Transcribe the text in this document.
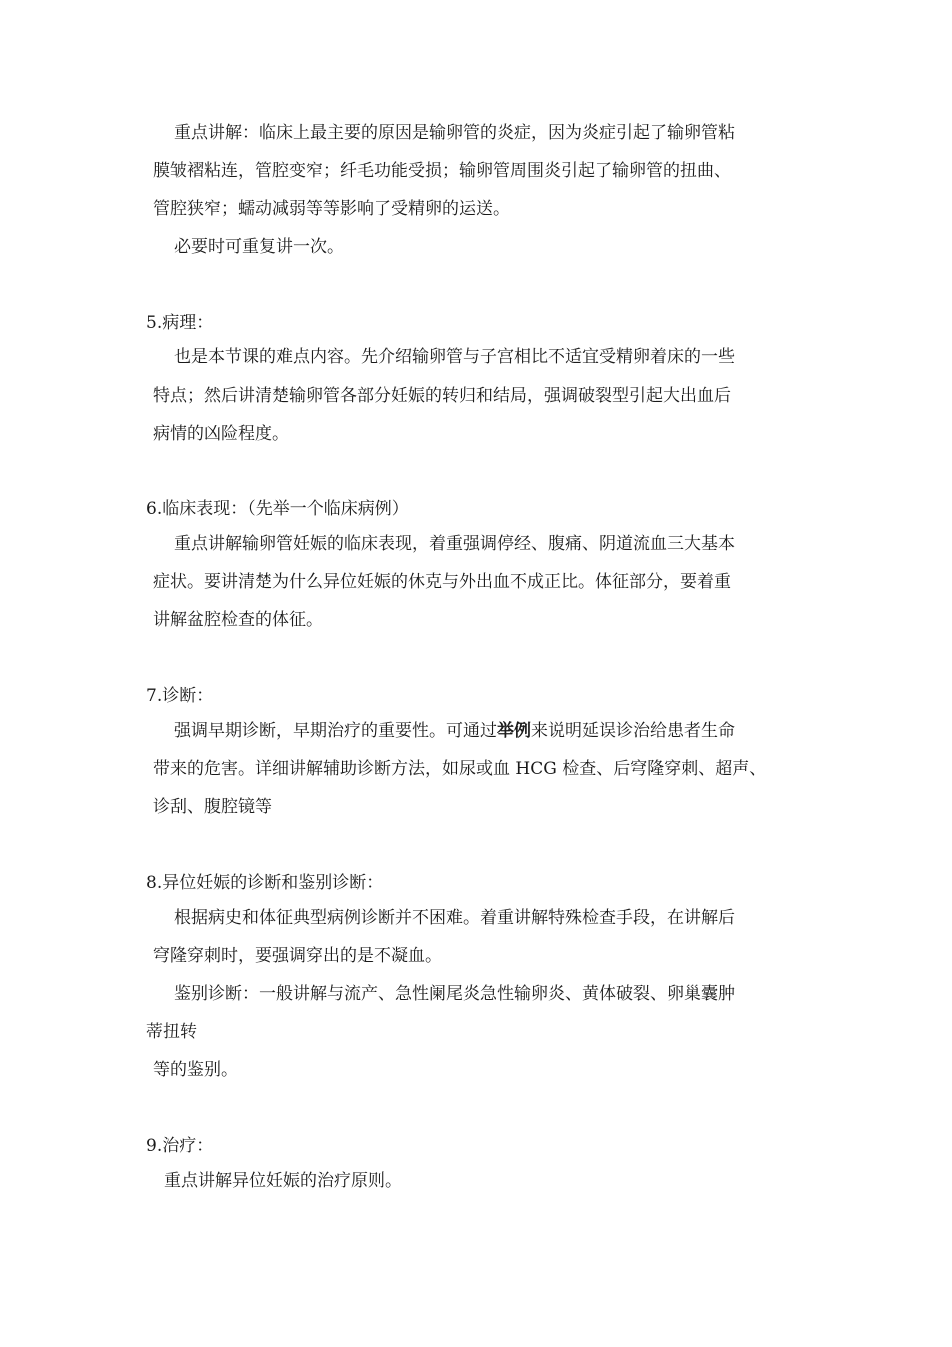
重点讲解：临床上最主要的原因是输卵管的炎症，因为炎症引起了输卵管粘
膜皱褶粘连，管腔变窄；纤毛功能受损；输卵管周围炎引起了输卵管的扭曲、
管腔狭窄；蠕动减弱等等影响了受精卵的运送。
必要时可重复讲一次。
5.病理：
也是本节课的难点内容。先介绍输卵管与子宫相比不适宜受精卵着床的一些
特点；然后讲清楚输卵管各部分妊娠的转归和结局，强调破裂型引起大出血后
病情的凶险程度。
6.临床表现：（先举一个临床病例）
重点讲解输卵管妊娠的临床表现，着重强调停经、腹痛、阴道流血三大基本
症状。要讲清楚为什么异位妊娠的休克与外出血不成正比。体征部分，要着重
讲解盆腔检查的体征。
7.诊断：
强调早期诊断，早期治疗的重要性。可通过举例来说明延误诊治给患者生命
带来的危害。详细讲解辅助诊断方法，如尿或血 HCG 检查、后穹隆穿刺、超声、
诊刮、腹腔镜等
8.异位妊娠的诊断和鉴别诊断：
根据病史和体征典型病例诊断并不困难。着重讲解特殊检查手段，在讲解后
穹隆穿刺时，要强调穿出的是不凝血。
鉴别诊断：一般讲解与流产、急性阑尾炎急性输卵炎、黄体破裂、卵巢囊肿
蒂扭转
等的鉴别。
9.治疗：
重点讲解异位妊娠的治疗原则。
